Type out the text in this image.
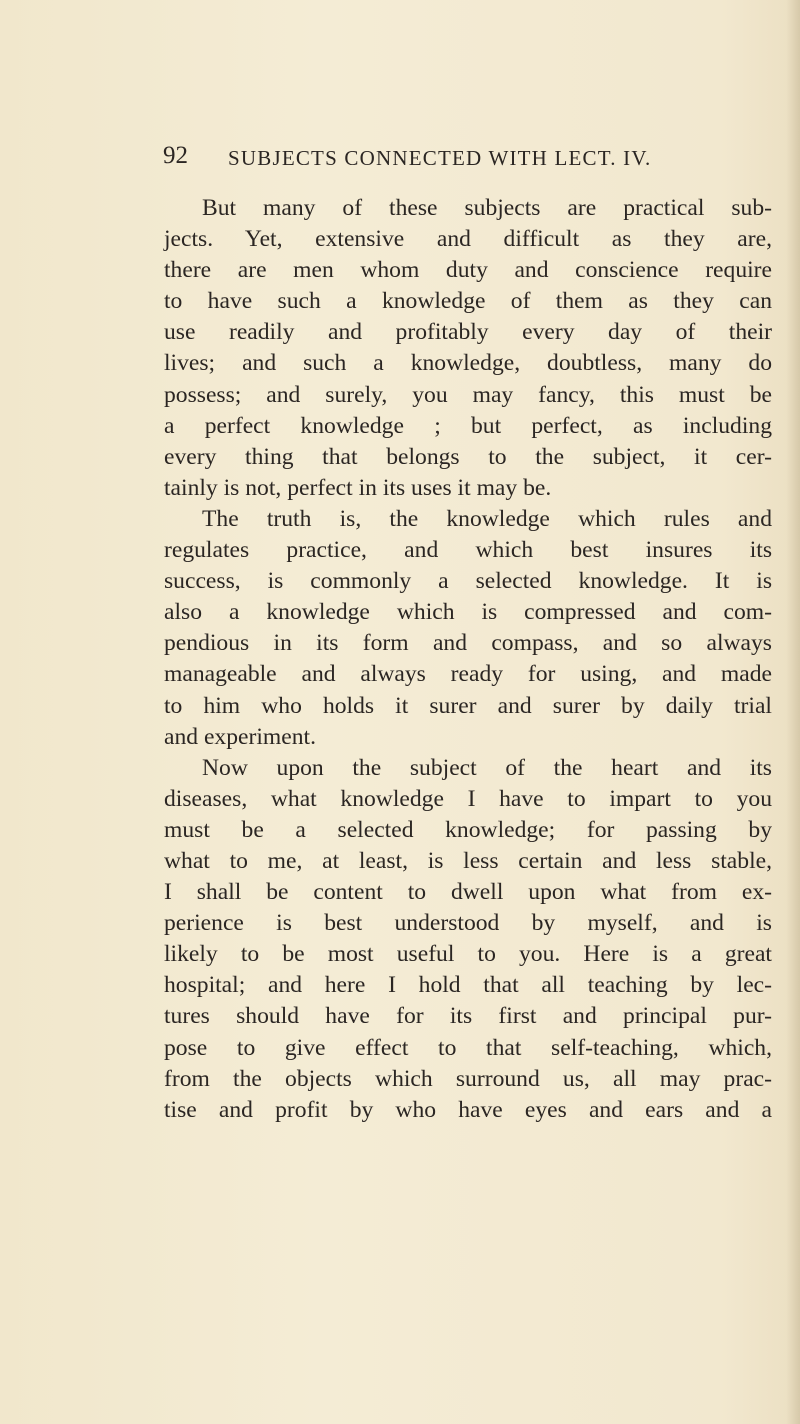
92 SUBJECTS CONNECTED WITH LECT. IV.
But many of these subjects are practical sub-
jects. Yet, extensive and difficult as they are,
there are men whom duty and conscience require
to have such a knowledge of them as they can
use readily and profitably every day of their
lives; and such a knowledge, doubtless, many do
possess; and surely, you may fancy, this must be
a perfect knowledge ; but perfect, as including
every thing that belongs to the subject, it cer-
tainly is not, perfect in its uses it may be.
The truth is, the knowledge which rules and
regulates practice, and which best insures its
success, is commonly a selected knowledge. It is
also a knowledge which is compressed and com-
pendious in its form and compass, and so always
manageable and always ready for using, and made
to him who holds it surer and surer by daily trial
and experiment.
Now upon the subject of the heart and its
diseases, what knowledge I have to impart to you
must be a selected knowledge; for passing by
what to me, at least, is less certain and less stable,
I shall be content to dwell upon what from ex-
perience is best understood by myself, and is
likely to be most useful to you. Here is a great
hospital; and here I hold that all teaching by lec-
tures should have for its first and principal pur-
pose to give effect to that self-teaching, which,
from the objects which surround us, all may prac-
tise and profit by who have eyes and ears and a
